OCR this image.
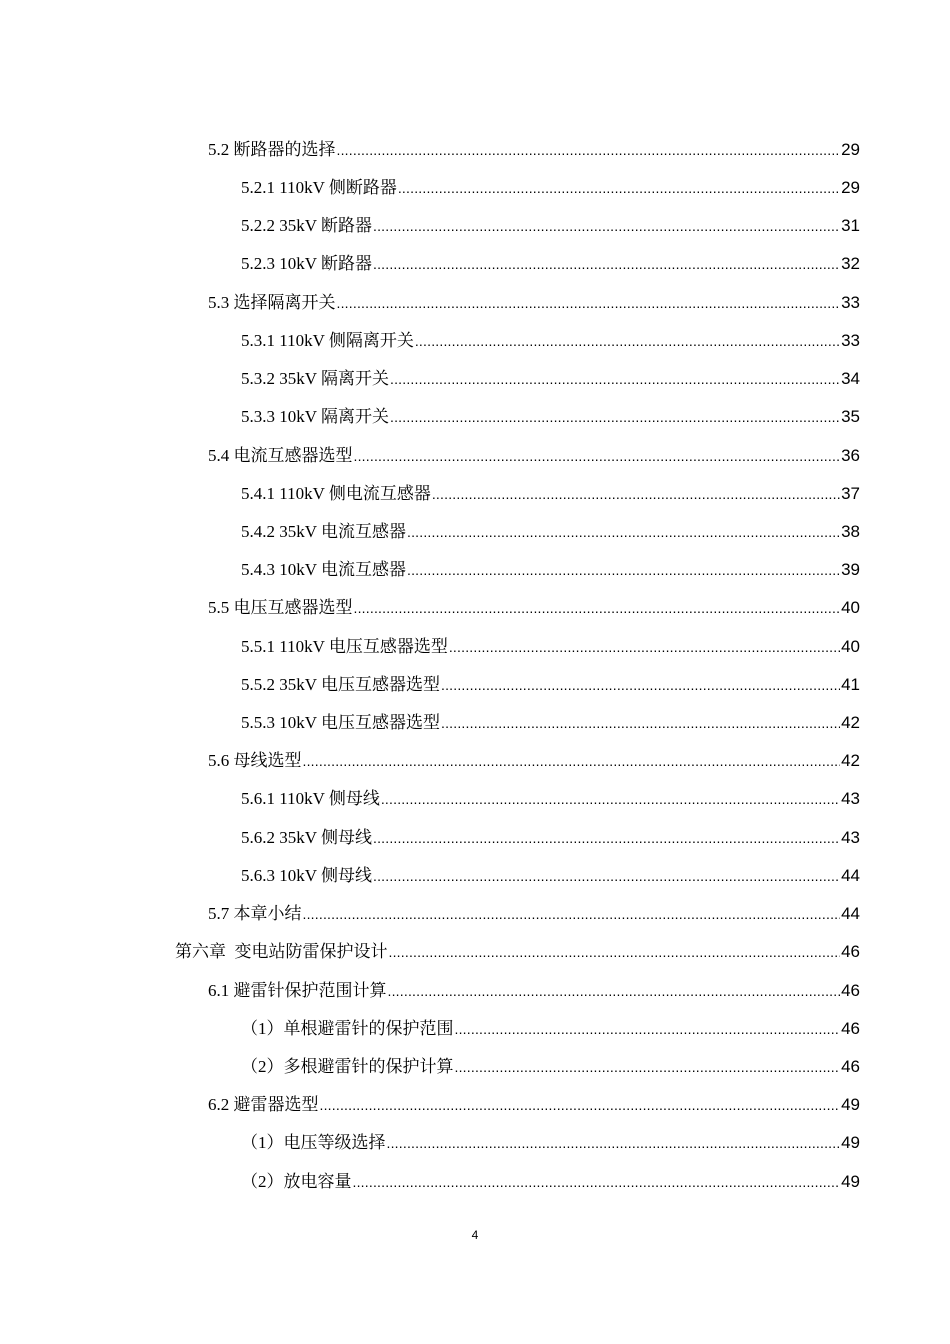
5.2 断路器的选择 .....	29
5.2.1 110kV 侧断路器 .....	29
5.2.2 35kV 断路器 .....	31
5.2.3 10kV 断路器 .....	32
5.3 选择隔离开关 .....	33
5.3.1 110kV 侧隔离开关 .....	33
5.3.2 35kV 隔离开关 .....	34
5.3.3 10kV 隔离开关 .....	35
5.4 电流互感器选型 .....	36
5.4.1 110kV 侧电流互感器 .....	37
5.4.2 35kV 电流互感器 .....	38
5.4.3 10kV 电流互感器 .....	39
5.5 电压互感器选型 .....	40
5.5.1 110kV 电压互感器选型 .....	40
5.5.2 35kV 电压互感器选型 .....	41
5.5.3 10kV 电压互感器选型 .....	42
5.6 母线选型 .....	42
5.6.1 110kV 侧母线 .....	43
5.6.2 35kV 侧母线 .....	43
5.6.3 10kV 侧母线 .....	44
5.7 本章小结 .....	44
第六章  变电站防雷保护设计 .....	46
6.1 避雷针保护范围计算 .....	46
（1）单根避雷针的保护范围 .....	46
（2）多根避雷针的保护计算 .....	46
6.2 避雷器选型 .....	49
（1）电压等级选择 .....	49
（2）放电容量 .....	49
4
